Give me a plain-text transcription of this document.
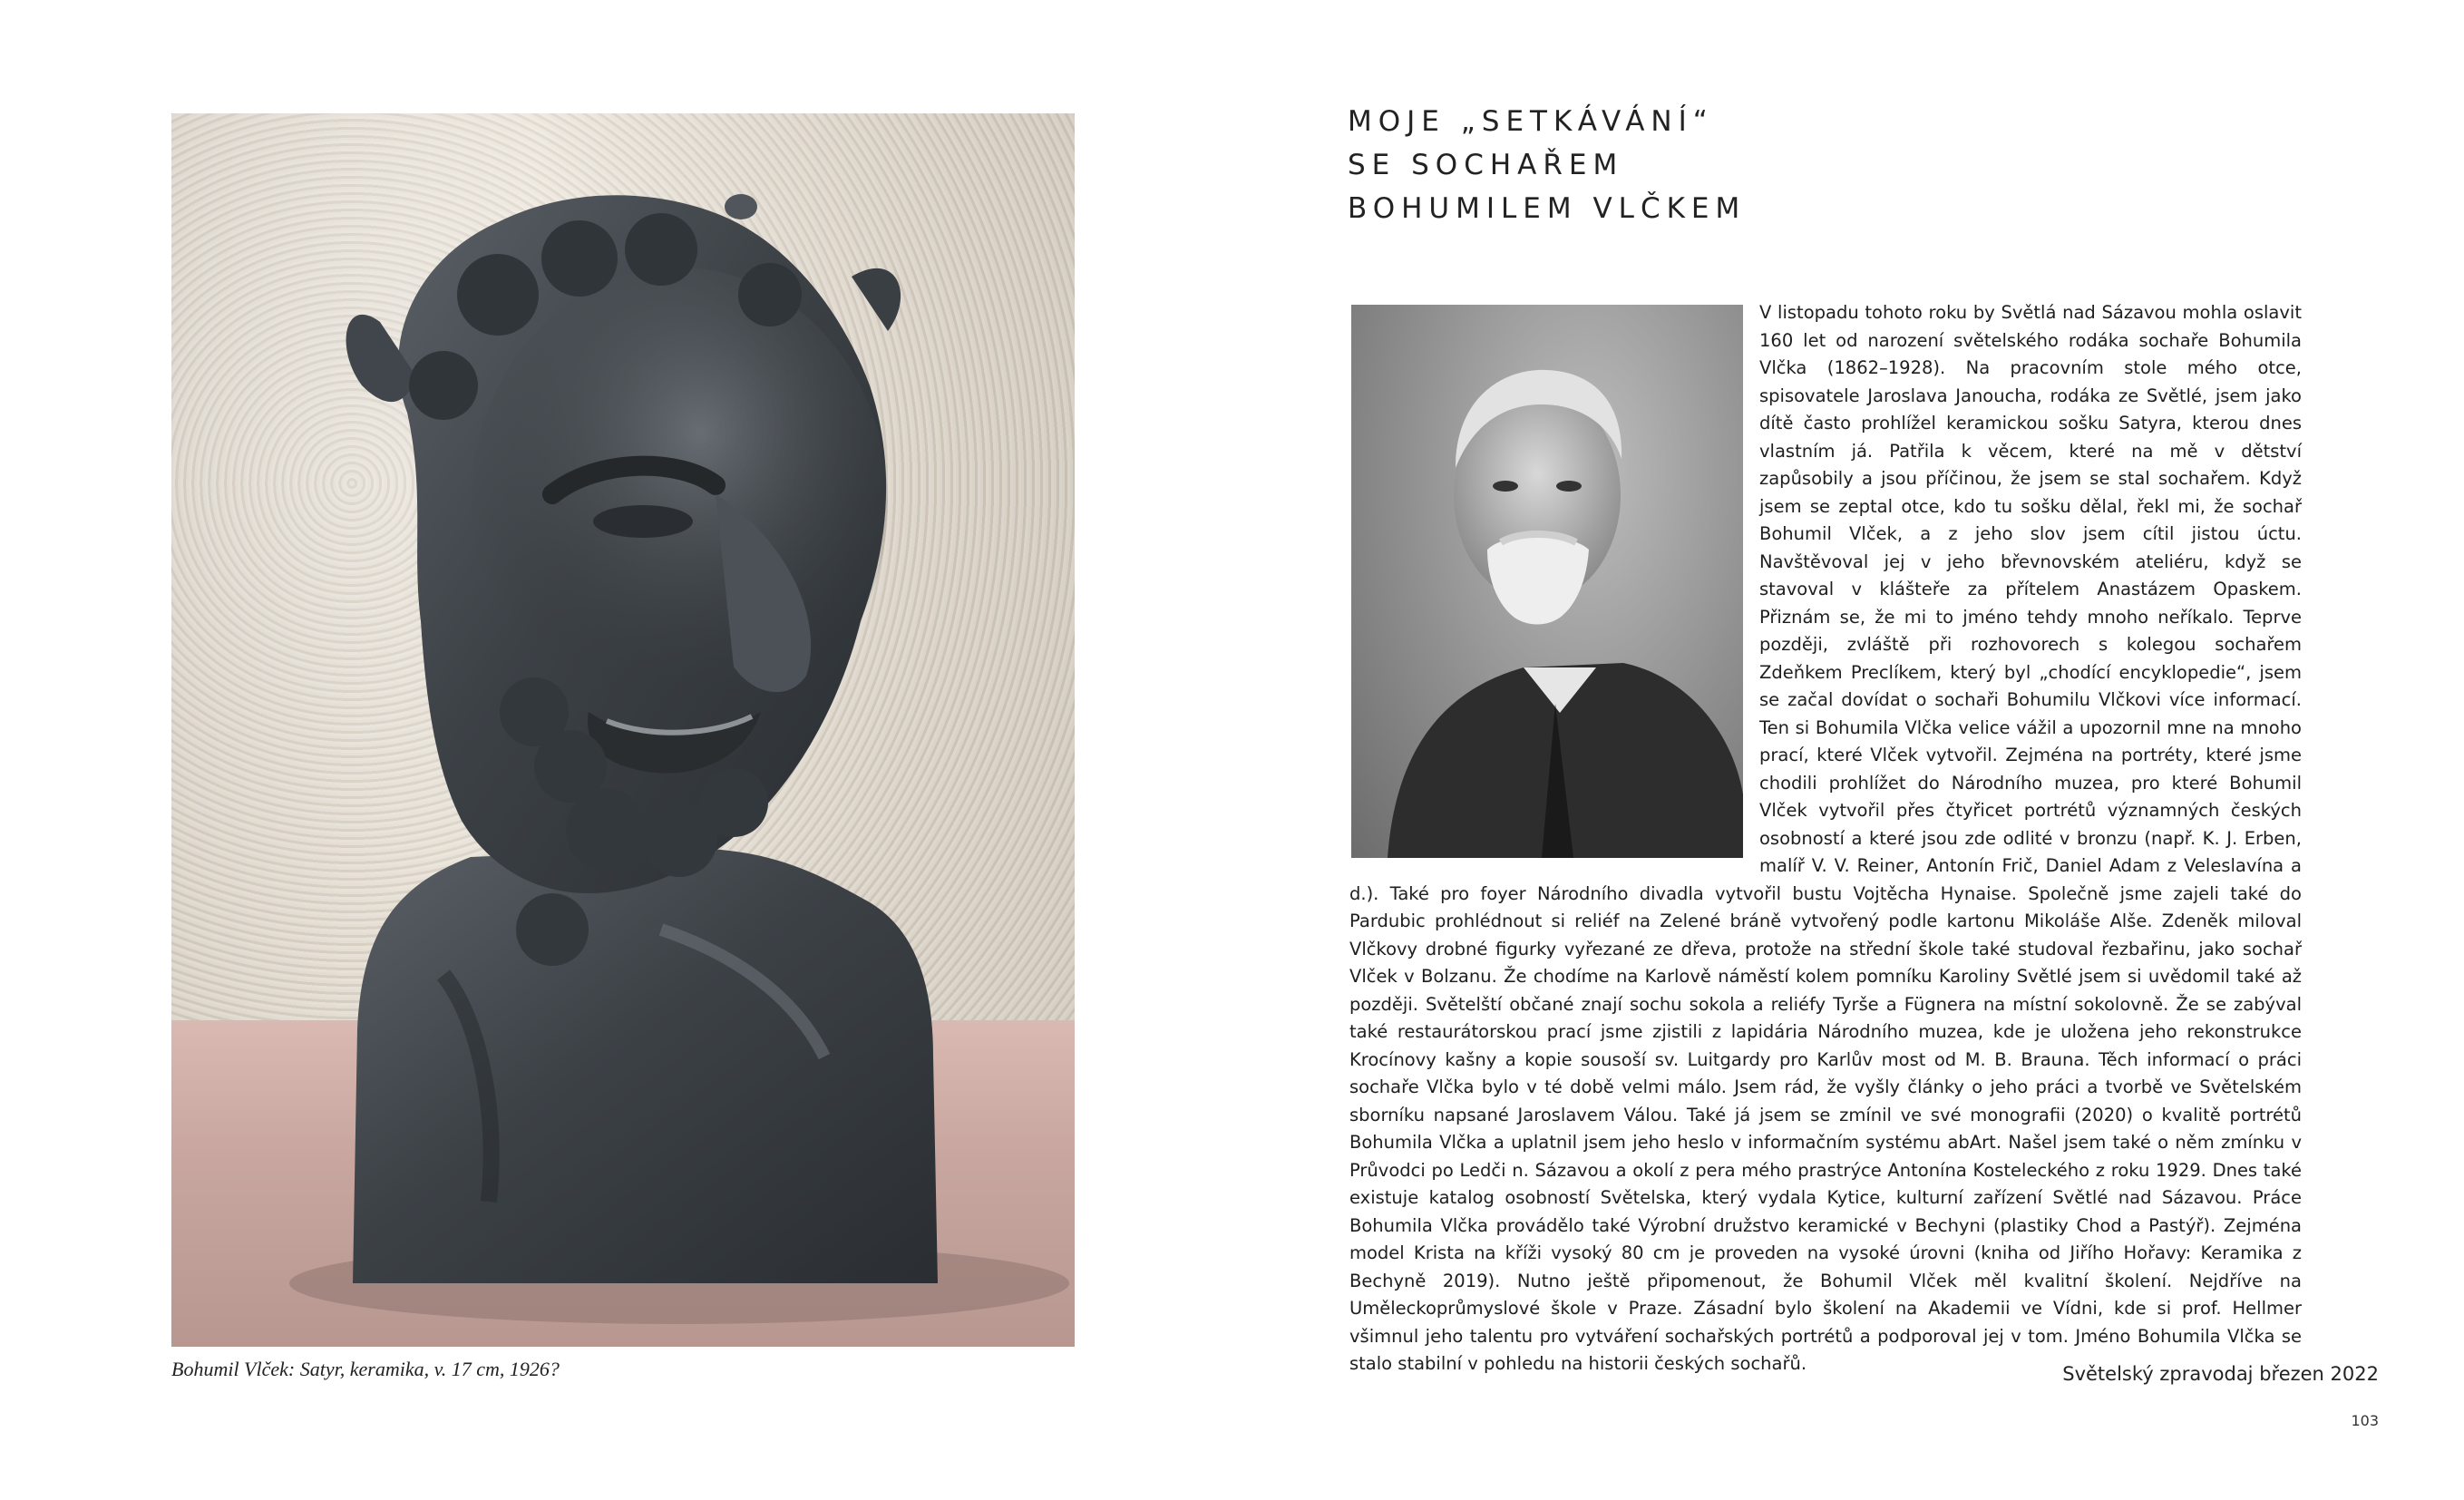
Bohumil Vlček: Satyr, keramika, v. 17 cm, 1926?
MOJE „SETKÁVÁNÍ“
SE SOCHAŘEM
BOHUMILEM VLČKEM
V listopadu tohoto roku by Světlá nad Sázavou mohla oslavit 160 let od narození světelského rodáka sochaře Bohumila Vlčka (1862–1928). Na pracovním stole mého otce, spisovatele Jaroslava Janoucha, rodáka ze Světlé, jsem jako dítě často prohlížel keramickou sošku Satyra, kterou dnes vlastním já. Patřila k věcem, které na mě v dětství zapůsobily a jsou příčinou, že jsem se stal sochařem. Když jsem se zeptal otce, kdo tu sošku dělal, řekl mi, že sochař Bohumil Vlček, a z jeho slov jsem cítil jistou úctu. Navštěvoval jej v jeho břevnovském ateliéru, když se stavoval v klášteře za přítelem Anastázem Opaskem. Přiznám se, že mi to jméno tehdy mnoho neříkalo. Teprve později, zvláště při rozhovorech s kolegou sochařem Zdeňkem Preclíkem, který byl „chodící encyklopedie“, jsem se začal dovídat o sochaři Bohumilu Vlčkovi více informací. Ten si Bohumila Vlčka velice vážil a upozornil mne na mnoho prací, které Vlček vytvořil. Zejména na portréty, které jsme chodili prohlížet do Národního muzea, pro které Bohumil Vlček vytvořil přes čtyřicet portrétů významných českých osobností a které jsou zde odlité v bronzu (např. K. J. Erben, malíř V. V. Reiner, Antonín Frič, Daniel Adam z Veleslavína a d.). Také pro foyer Národního divadla vytvořil bustu Vojtěcha Hynaise. Společně jsme zajeli také do Pardubic prohlédnout si reliéf na Zelené bráně vytvořený podle kartonu Mikoláše Alše. Zdeněk miloval Vlčkovy drobné figurky vyřezané ze dřeva, protože na střední škole také studoval řezbařinu, jako sochař Vlček v Bolzanu. Že chodíme na Karlově náměstí kolem pomníku Karoliny Světlé jsem si uvědomil také až později. Světelští občané znají sochu sokola a reliéfy Tyrše a Fügnera na místní sokolovně. Že se zabýval také restaurátorskou prací jsme zjistili z lapidária Národního muzea, kde je uložena jeho rekonstrukce Krocínovy kašny a kopie sousoší sv. Luitgardy pro Karlův most od M. B. Brauna. Těch informací o práci sochaře Vlčka bylo v té době velmi málo. Jsem rád, že vyšly články o jeho práci a tvorbě ve Světelském sborníku napsané Jaroslavem Válou. Také já jsem se zmínil ve své monografii (2020) o kvalitě portrétů Bohumila Vlčka a uplatnil jsem jeho heslo v informačním systému abArt. Našel jsem také o něm zmínku v Průvodci po Ledči n. Sázavou a okolí z pera mého prastrýce Antonína Kosteleckého z roku 1929. Dnes také existuje katalog osobností Světelska, který vydala Kytice, kulturní zařízení Světlé nad Sázavou. Práce Bohumila Vlčka provádělo také Výrobní družstvo keramické v Bechyni (plastiky Chod a Pastýř). Zejména model Krista na kříži vysoký 80 cm je proveden na vysoké úrovni (kniha od Jiřího Hořavy: Keramika z Bechyně 2019). Nutno ještě připomenout, že Bohumil Vlček měl kvalitní školení. Nejdříve na Uměleckoprůmyslové škole v Praze. Zásadní bylo školení na Akademii ve Vídni, kde si prof. Hellmer všimnul jeho talentu pro vytváření sochařských portrétů a podporoval jej v tom. Jméno Bohumila Vlčka se stalo stabilní v pohledu na historii českých sochařů.	Světelský zpravodaj březen 2022
103
